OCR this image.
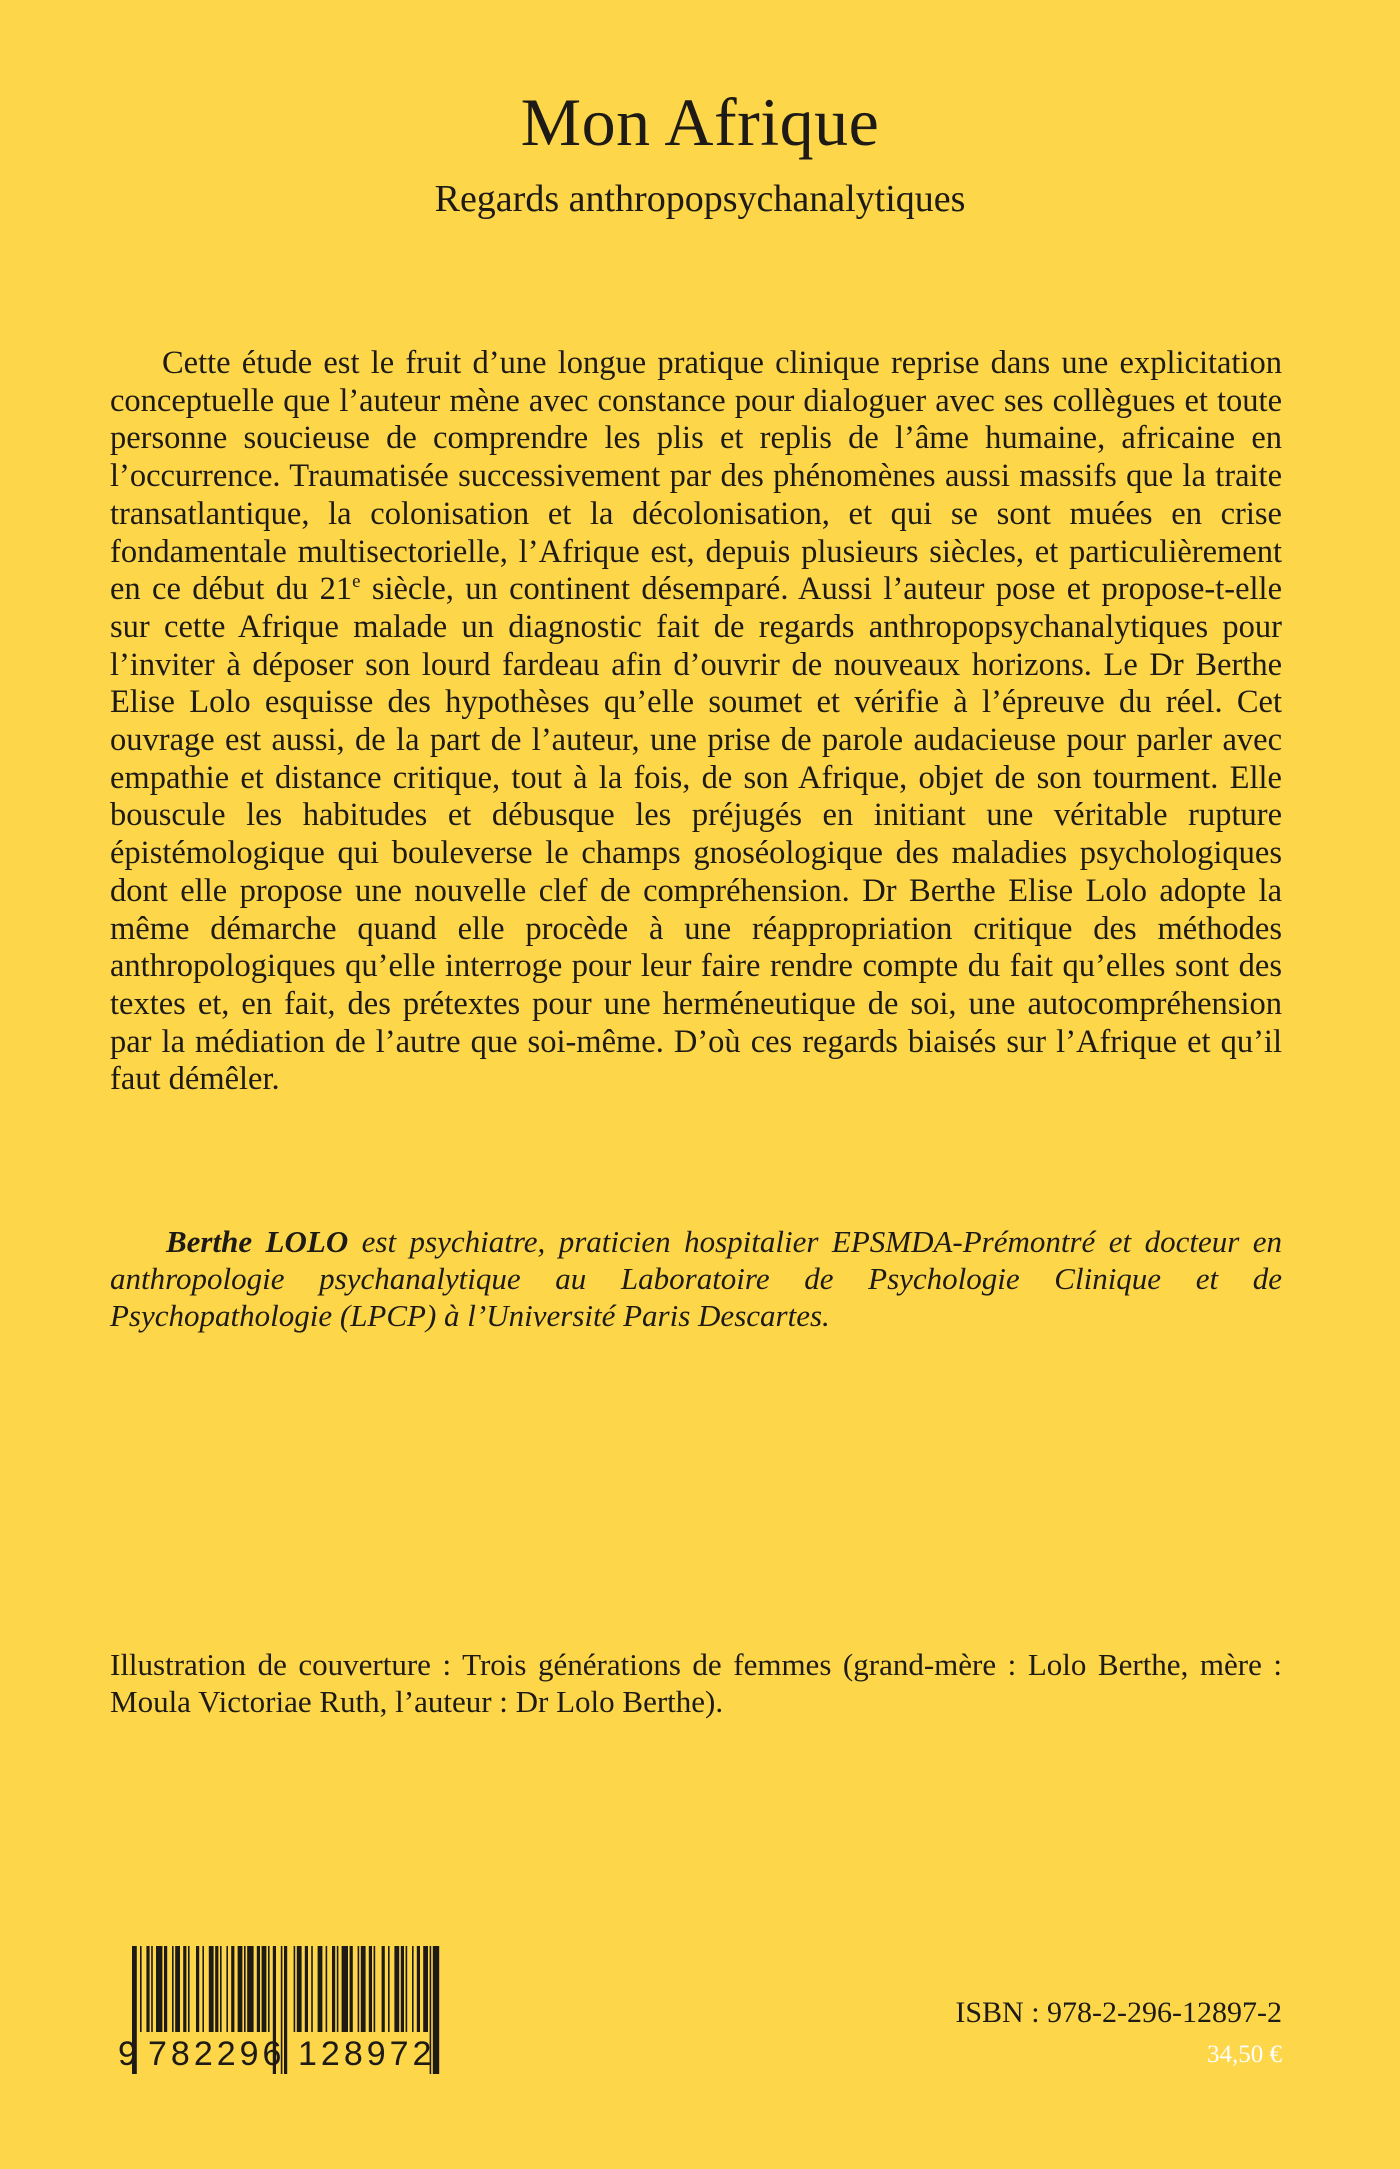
Mon Afrique
Regards anthropopsychanalytiques

Cette étude est le fruit d’une longue pratique clinique reprise dans une explicitation conceptuelle que l’auteur mène avec constance pour dialoguer avec ses collègues et toute personne soucieuse de comprendre les plis et replis de l’âme humaine, africaine en l’occurrence. Traumatisée successivement par des phénomènes aussi massifs que la traite transatlantique, la colonisation et la décolonisation, et qui se sont muées en crise fondamentale multisectorielle, l’Afrique est, depuis plusieurs siècles, et particulièrement en ce début du 21e siècle, un continent désemparé. Aussi l’auteur pose et propose-t-elle sur cette Afrique malade un diagnostic fait de regards anthropopsychanalytiques pour l’inviter à déposer son lourd fardeau afin d’ouvrir de nouveaux horizons. Le Dr Berthe Elise Lolo esquisse des hypothèses qu’elle soumet et vérifie à l’épreuve du réel. Cet ouvrage est aussi, de la part de l’auteur, une prise de parole audacieuse pour parler avec empathie et distance critique, tout à la fois, de son Afrique, objet de son tourment. Elle bouscule les habitudes et débusque les préjugés en initiant une véritable rupture épistémologique qui bouleverse le champs gnoséologique des maladies psychologiques dont elle propose une nouvelle clef de compréhension. Dr Berthe Elise Lolo adopte la même démarche quand elle procède à une réappropriation critique des méthodes anthropologiques qu’elle interroge pour leur faire rendre compte du fait qu’elles sont des textes et, en fait, des prétextes pour une herméneutique de soi, une autocompréhension par la médiation de l’autre que soi-même. D’où ces regards biaisés sur l’Afrique et qu’il faut démêler.

Berthe LOLO est psychiatre, praticien hospitalier EPSMDA-Prémontré et docteur en anthropologie psychanalytique au Laboratoire de Psychologie Clinique et de Psychopathologie (LPCP) à l’Université Paris Descartes.

Illustration de couverture : Trois générations de femmes (grand-mère : Lolo Berthe, mère : Moula Victoriae Ruth, l’auteur : Dr Lolo Berthe).

9 782296 128972
ISBN : 978-2-296-12897-2
34,50 €
